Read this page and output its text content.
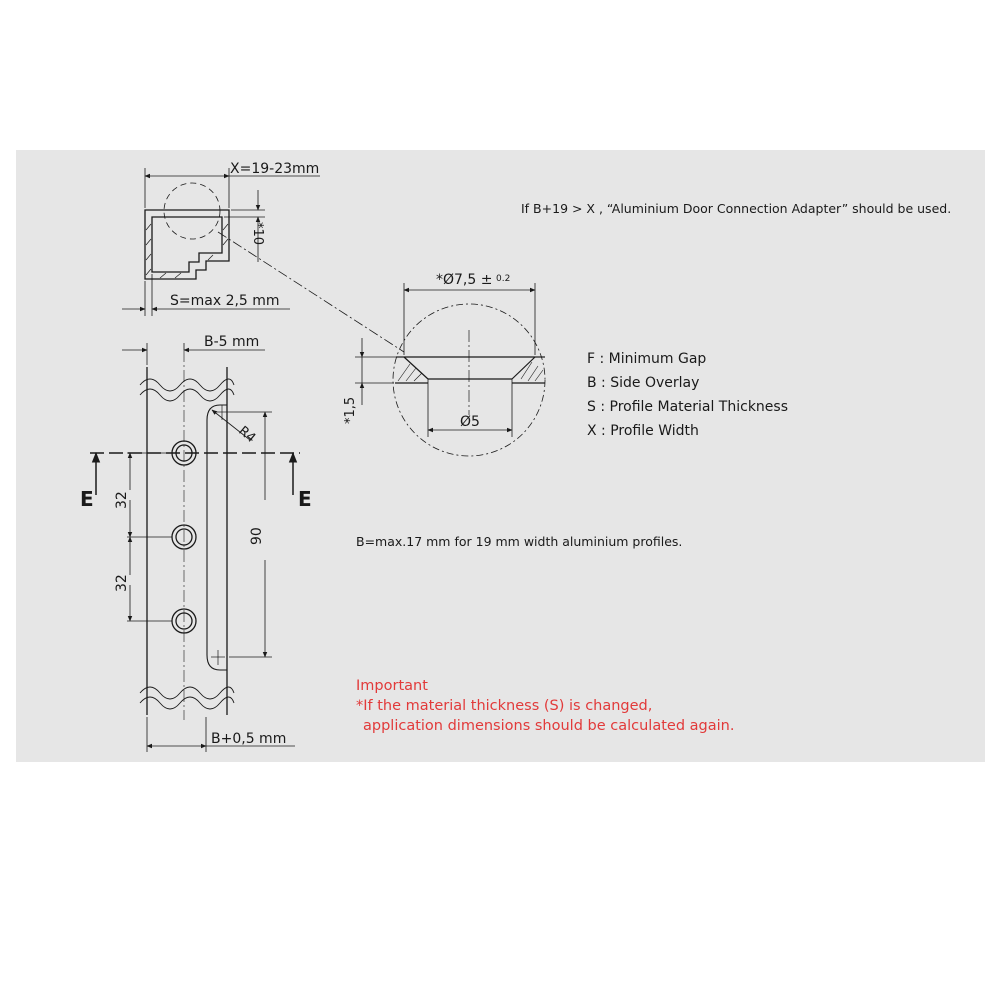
X=19-23mm
*10
S=max 2,5 mm
*Ø7,5 ± 0.2
Ø5
*1,5
B-5 mm
R4
32
32
90
B+0,5 mm
E	E
If B+19 > X , “Aluminium Door Connection Adapter” should be used.
F : Minimum Gap
B : Side Overlay
S : Profile Material Thickness
X : Profile Width
B=max.17 mm for 19 mm width aluminium profiles.
Important
*If the material thickness (S) is changed,
application dimensions should be calculated again.
